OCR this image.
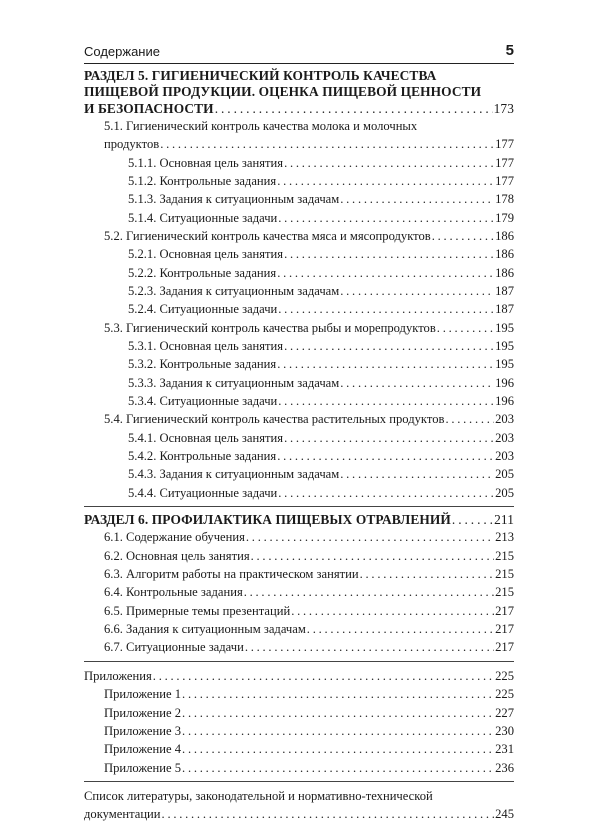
Содержание	5
РАЗДЕЛ 5. ГИГИЕНИЧЕСКИЙ КОНТРОЛЬ КАЧЕСТВА
ПИЩЕВОЙ ПРОДУКЦИИ. ОЦЕНКА ПИЩЕВОЙ ЦЕННОСТИ
И БЕЗОПАСНОСТИ . . .	173
5.1. Гигиенический контроль качества молока и молочных
продуктов . . .	177
5.1.1. Основная цель занятия . . .	177
5.1.2. Контрольные задания . . .	177
5.1.3. Задания к ситуационным задачам . . .	178
5.1.4. Ситуационные задачи . . .	179
5.2. Гигиенический контроль качества мяса и мясопродуктов . . .	186
5.2.1. Основная цель занятия . . .	186
5.2.2. Контрольные задания . . .	186
5.2.3. Задания к ситуационным задачам . . .	187
5.2.4. Ситуационные задачи . . .	187
5.3. Гигиенический контроль качества рыбы и морепродуктов . . .	195
5.3.1. Основная цель занятия . . .	195
5.3.2. Контрольные задания . . .	195
5.3.3. Задания к ситуационным задачам . . .	196
5.3.4. Ситуационные задачи . . .	196
5.4. Гигиенический контроль качества растительных продуктов . . .	203
5.4.1. Основная цель занятия . . .	203
5.4.2. Контрольные задания . . .	203
5.4.3. Задания к ситуационным задачам . . .	205
5.4.4. Ситуационные задачи . . .	205
РАЗДЕЛ 6. ПРОФИЛАКТИКА ПИЩЕВЫХ ОТРАВЛЕНИЙ . . .	211
6.1. Содержание обучения . . .	213
6.2. Основная цель занятия . . .	215
6.3. Алгоритм работы на практическом занятии . . .	215
6.4. Контрольные задания . . .	215
6.5. Примерные темы презентаций . . .	217
6.6. Задания к ситуационным задачам . . .	217
6.7. Ситуационные задачи . . .	217
Приложения . . .	225
Приложение 1 . . .	225
Приложение 2 . . .	227
Приложение 3 . . .	230
Приложение 4 . . .	231
Приложение 5 . . .	236
Список литературы, законодательной и нормативно-технической
документации . . .	245
